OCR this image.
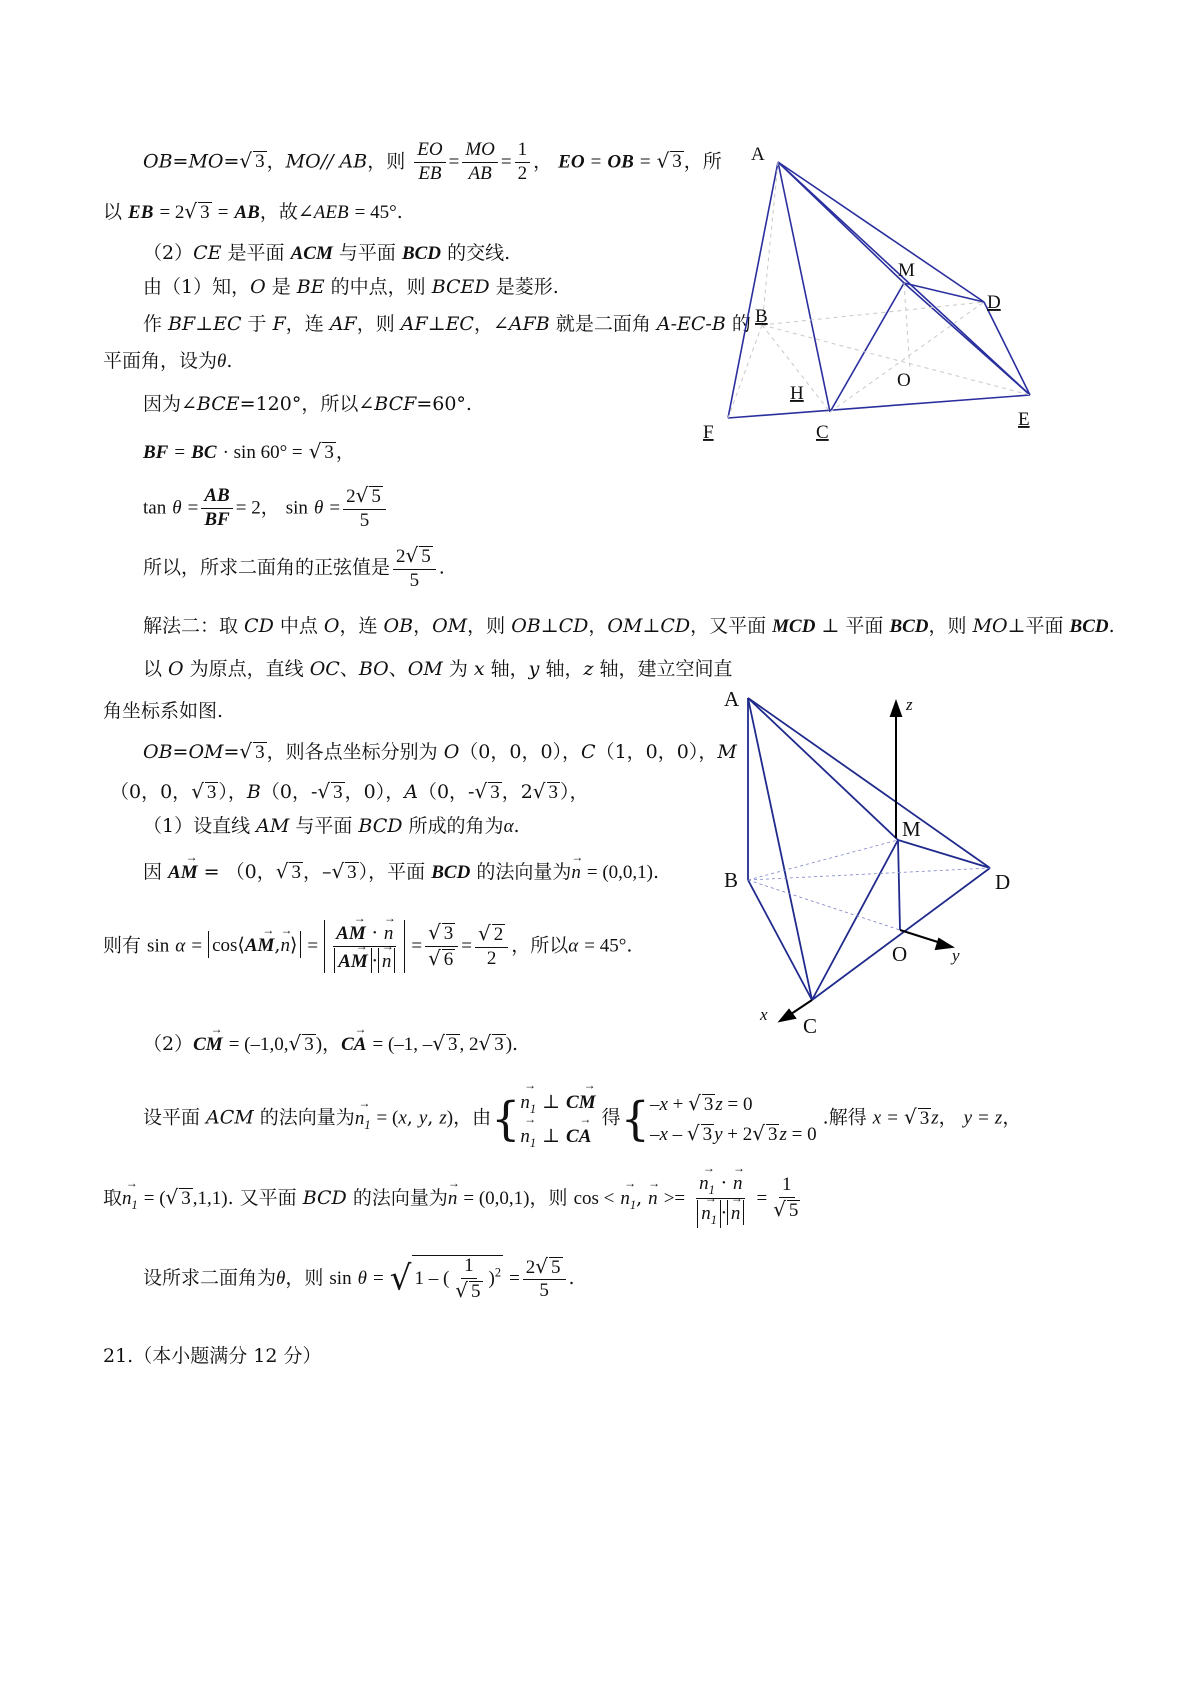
OB=MO=√ 3 ，MO// AB，则 $\frac{EO}{EB} = \frac{MO}{AB} = \frac{1}{2}$ ， EO = OB = √ 3 ，所
以 EB = 2√ 3 = AB，故∠AEB = 45°.
（2）CE 是平面 ACM 与平面 BCD 的交线.
由（1）知，O 是 BE 的中点，则 BCED 是菱形.
作 BF⊥EC 于 F，连 AF，则 AF⊥EC，∠AFB 就是二面角 A-EC-B 的
平面角，设为θ.
因为∠BCE=120°，所以∠BCF=60°.
BF = BC · sin 60° = √ 3 ，
$\tan \theta = \frac{AB}{BF} = 2$， $\sin \theta = \frac{2√ 5}{5}$
所以，所求二面角的正弦值是 $\frac{2√ 5}{5}$ .
解法二：取 CD 中点 O，连 OB，OM，则 OB⊥CD，OM⊥CD，又平面 MCD ⊥ 平面 BCD，则 MO⊥平面 BCD.
以 O 为原点，直线 OC、BO、OM 为 x 轴，y 轴，z 轴，建立空间直
角坐标系如图.
OB=OM=√ 3 ，则各点坐标分别为 O（0，0，0），C（1，0，0），M
（0，0，√ 3 ），B（0，-√ 3 ，0），A（0，-√ 3 ，2√ 3 ），
（1）设直线 AM 与平面 BCD 所成的角为α.
因 → AM = （0，√ 3 ，–√ 3 ），平面 BCD 的法向量为→ n = (0,0,1).
则有 sin α = cos⟨→ AM,→ n⟩ =
→ AM · → n
→ AM ·→ $n = \frac{√ 3}{√ 6} = \frac{√ 2}{2}$ ，所以α = 45°.
（2）→ CM = (–1,0,√ 3 )，→ CA = (–1, –√ 3 , 2√ 3 ).
设平面 ACM 的法向量为→ $n_1 = (x$, y, z)，由{
→ $n_1$ ⊥ → CM
→ $n_1$ ⊥ → CA
得{ –x + √ 3 z = 0
–x – √ 3 y + 2√ 3 z = 0
.解得 x = √ 3 z， y = z，
取→ $n_1$ = (√ 3 ,1,1). 又平面 BCD 的法向量为→ n = (0,0,1)，则 cos < → $n_1$, → n >=
→ $n_1$ · → n
→ $n_1 \cdot\to n = \frac{1}{√ 5}$
设所求二面角为θ，则 sin θ = √ 1 – ( $\frac{1}{√ 5} )^2 = \frac{2√ 5}{5}$ .
21.（本小题满分 12 分）
A
M
D
B
O
H
E
F	C
A	z
M
B	D
O	y
x C
